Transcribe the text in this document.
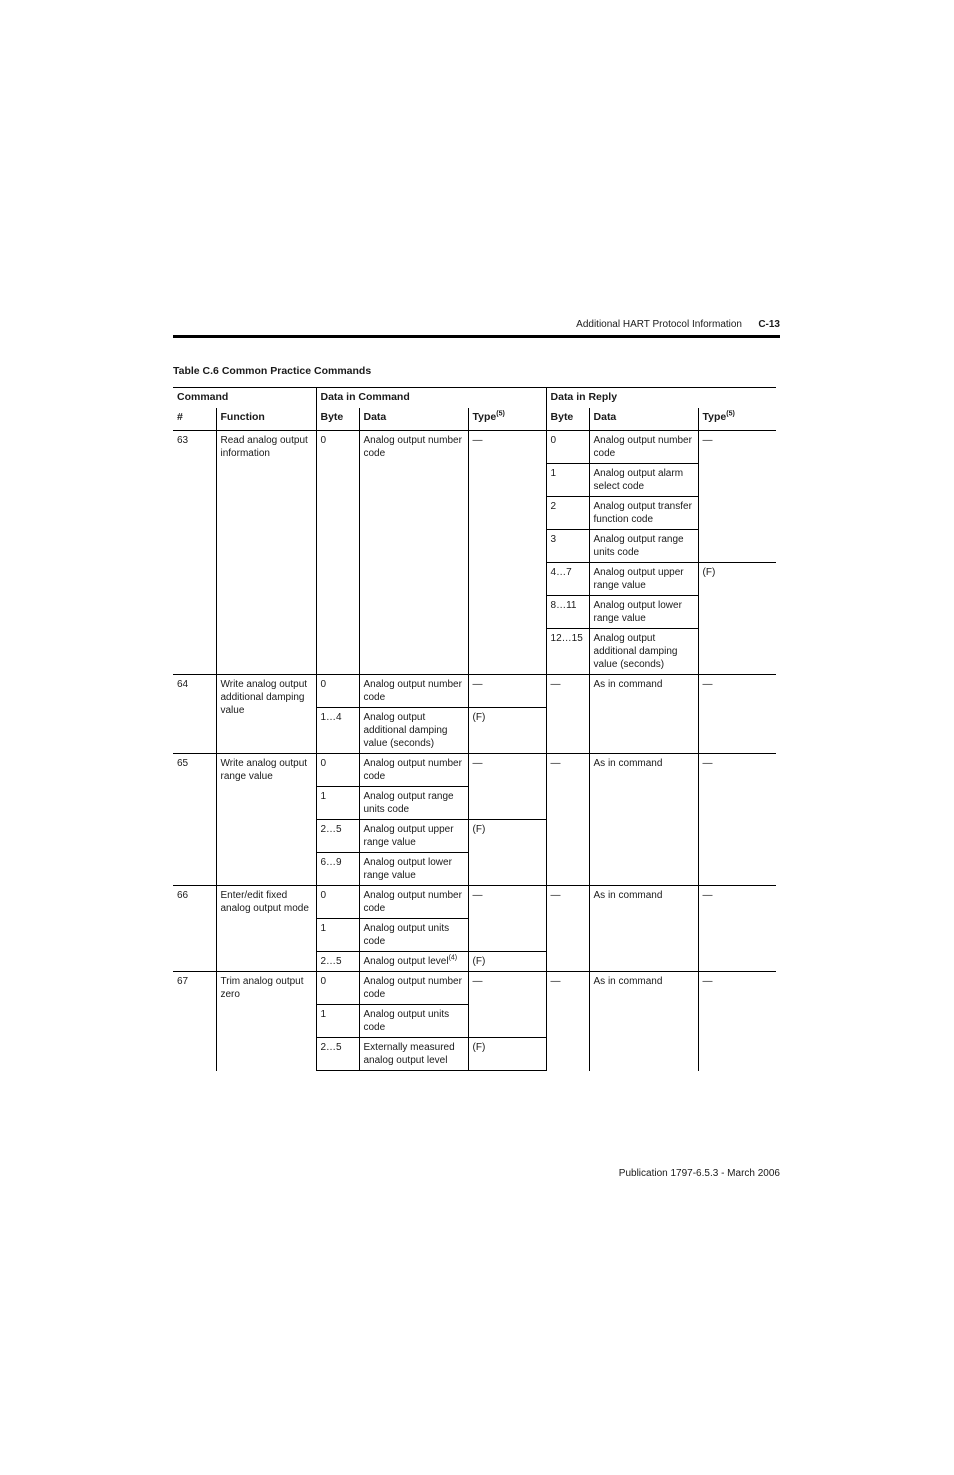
Additional HART Protocol Information C-13
Table C.6 Common Practice Commands
Command		Data in Command			Data in Reply		
#	Function	Byte	Data	Type$^{(5)}$	Byte	Data	Type$^{(5)}$
63	Read analog output information	0	Analog output number code	—	0	Analog output number code	—
					1	Analog output alarm select code	
					2	Analog output transfer function code	
					3	Analog output range units code	
					4…7	Analog output upper range value	(F)
					8…11	Analog output lower range value	
					12…15	Analog output additional damping value (seconds)	
64	Write analog output additional damping value	0	Analog output number code	—	—	As in command	—
		1…4	Analog output additional damping value (seconds)	(F)			
65	Write analog output range value	0	Analog output number code	—	—	As in command	—
		1	Analog output range units code				
		2…5	Analog output upper range value	(F)			
		6…9	Analog output lower range value				
66	Enter/edit fixed analog output mode	0	Analog output number code	—	—	As in command	—
		1	Analog output units code				
		2…5	Analog output level$^{(4)}$	(F)			
67	Trim analog output zero	0	Analog output number code	—	—	As in command	—
		1	Analog output units code				
		2…5	Externally measured analog output level	(F)			
Publication 1797-6.5.3 - March 2006
